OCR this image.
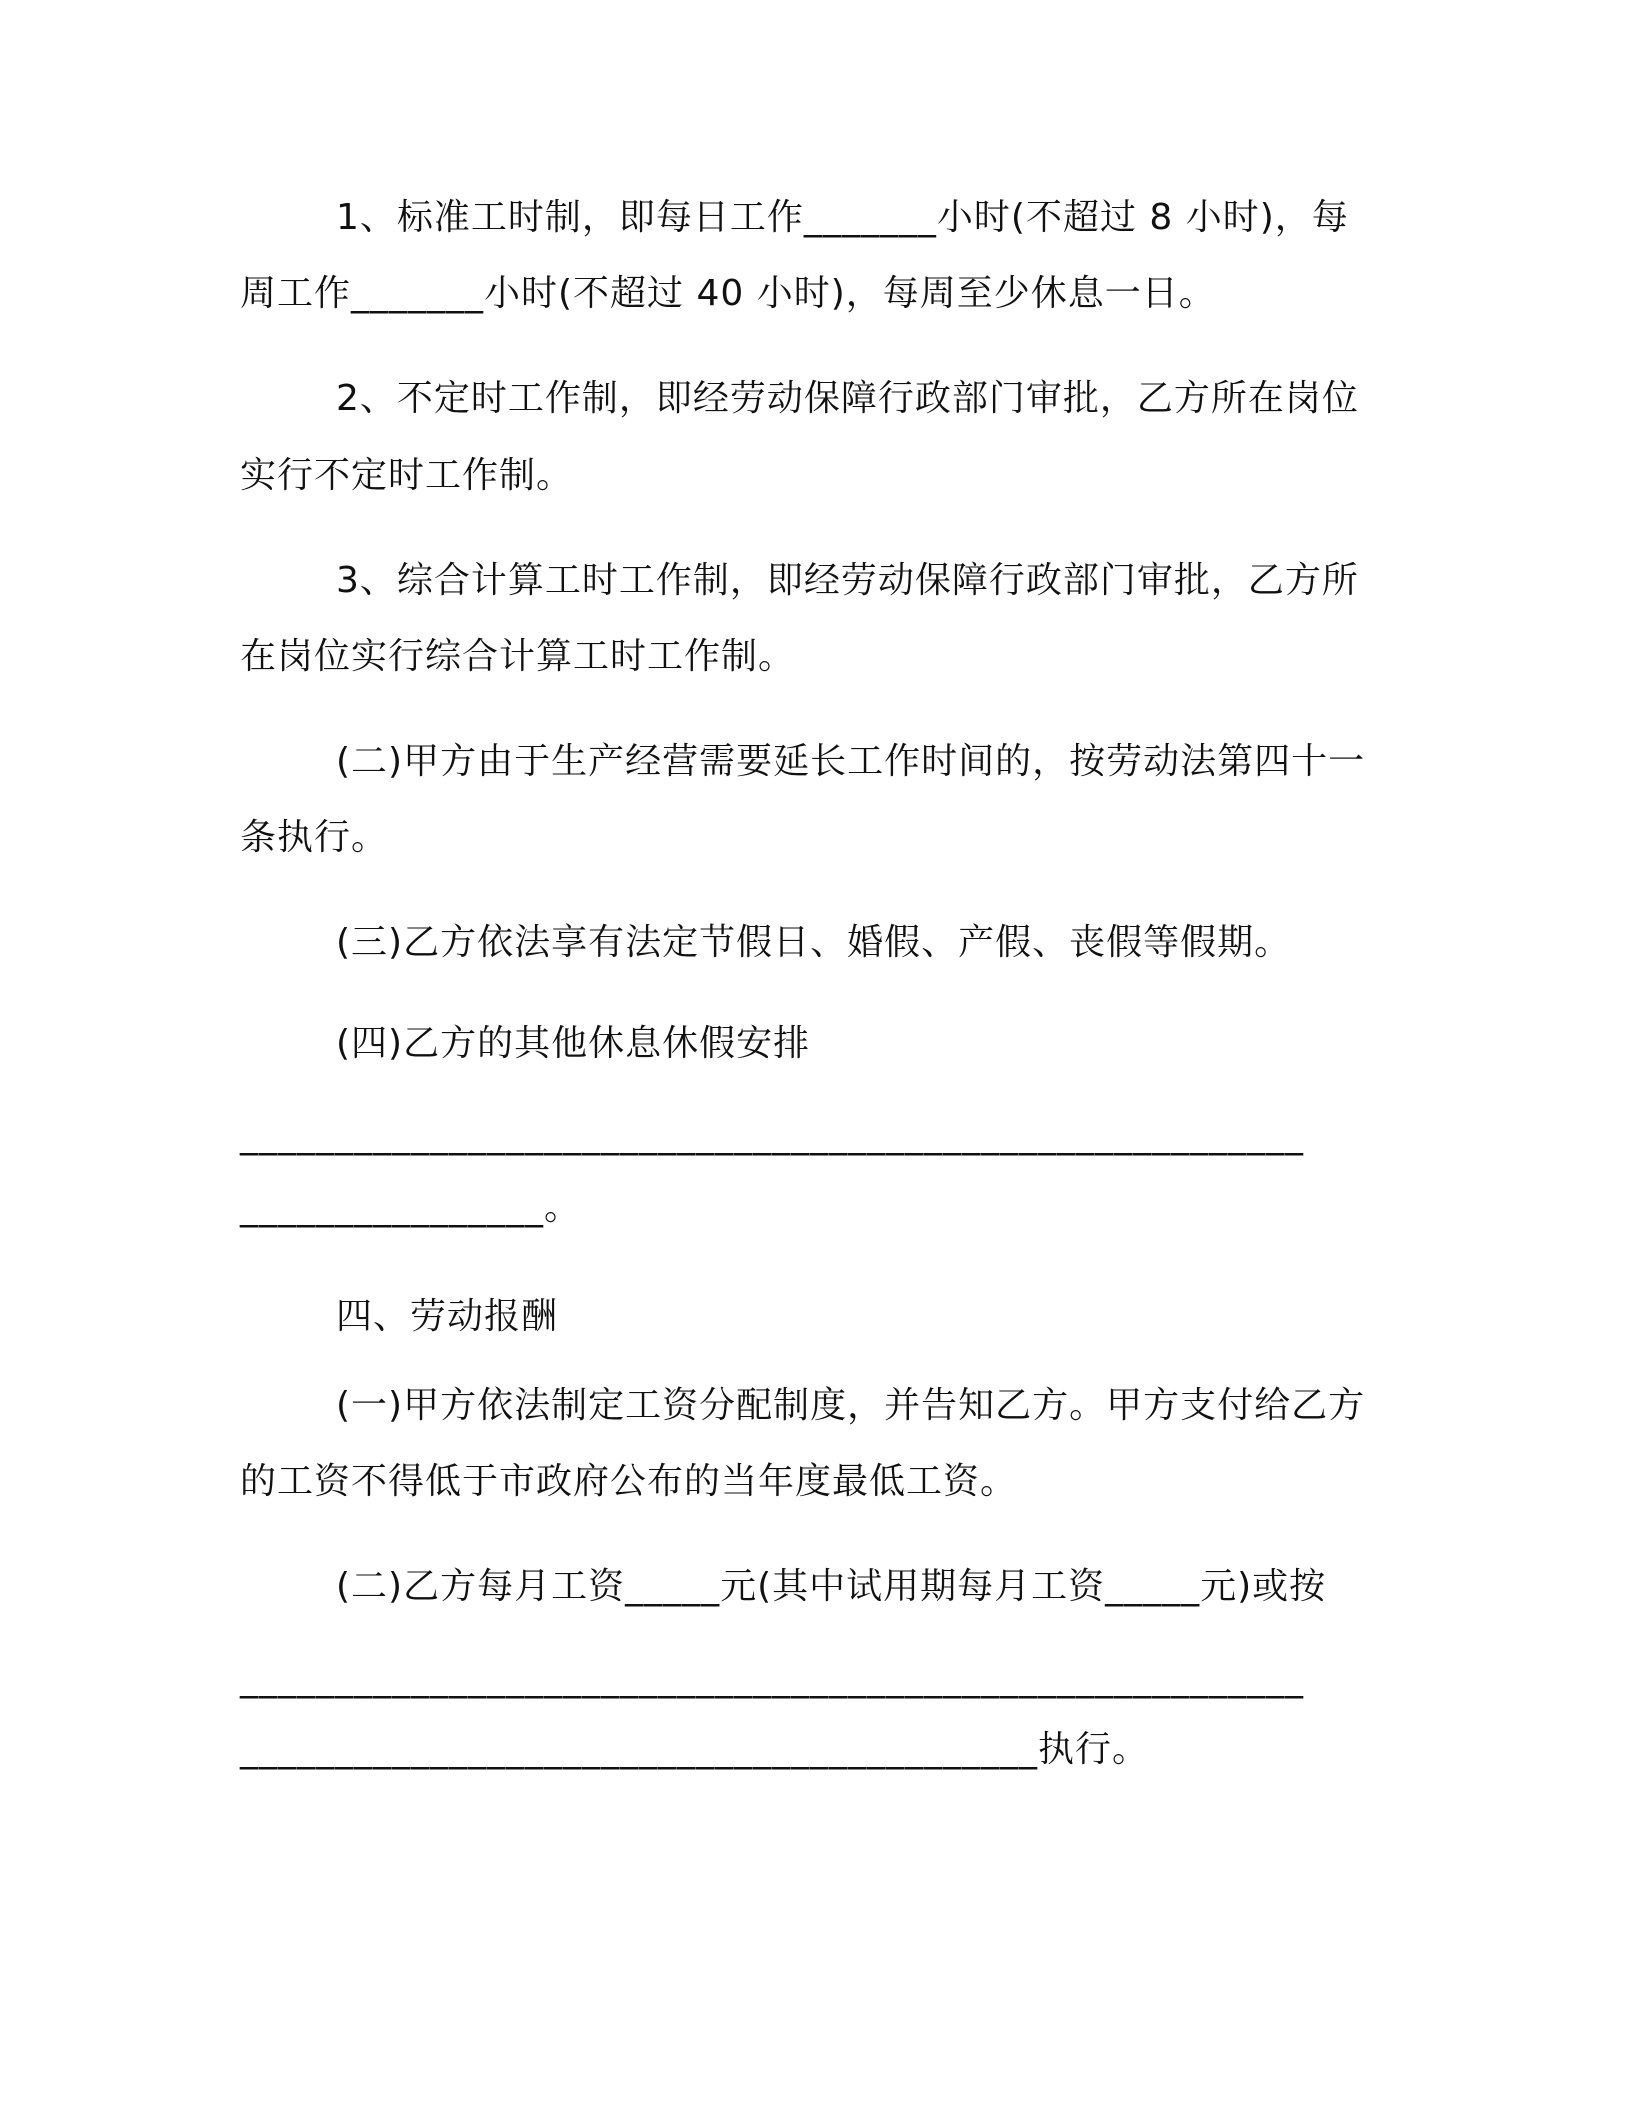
1、标准工时制，即每日工作_______小时(不超过 8 小时)，每
周工作_______小时(不超过 40 小时)，每周至少休息一日。
2、不定时工作制，即经劳动保障行政部门审批，乙方所在岗位
实行不定时工作制。
3、综合计算工时工作制，即经劳动保障行政部门审批，乙方所
在岗位实行综合计算工时工作制。
(二)甲方由于生产经营需要延长工作时间的，按劳动法第四十一
条执行。
(三)乙方依法享有法定节假日、婚假、产假、丧假等假期。
(四)乙方的其他休息休假安排
________________________________________________________
________________。
四、劳动报酬
(一)甲方依法制定工资分配制度，并告知乙方。甲方支付给乙方
的工资不得低于市政府公布的当年度最低工资。
(二)乙方每月工资_____元(其中试用期每月工资_____元)或按
________________________________________________________
__________________________________________执行。
